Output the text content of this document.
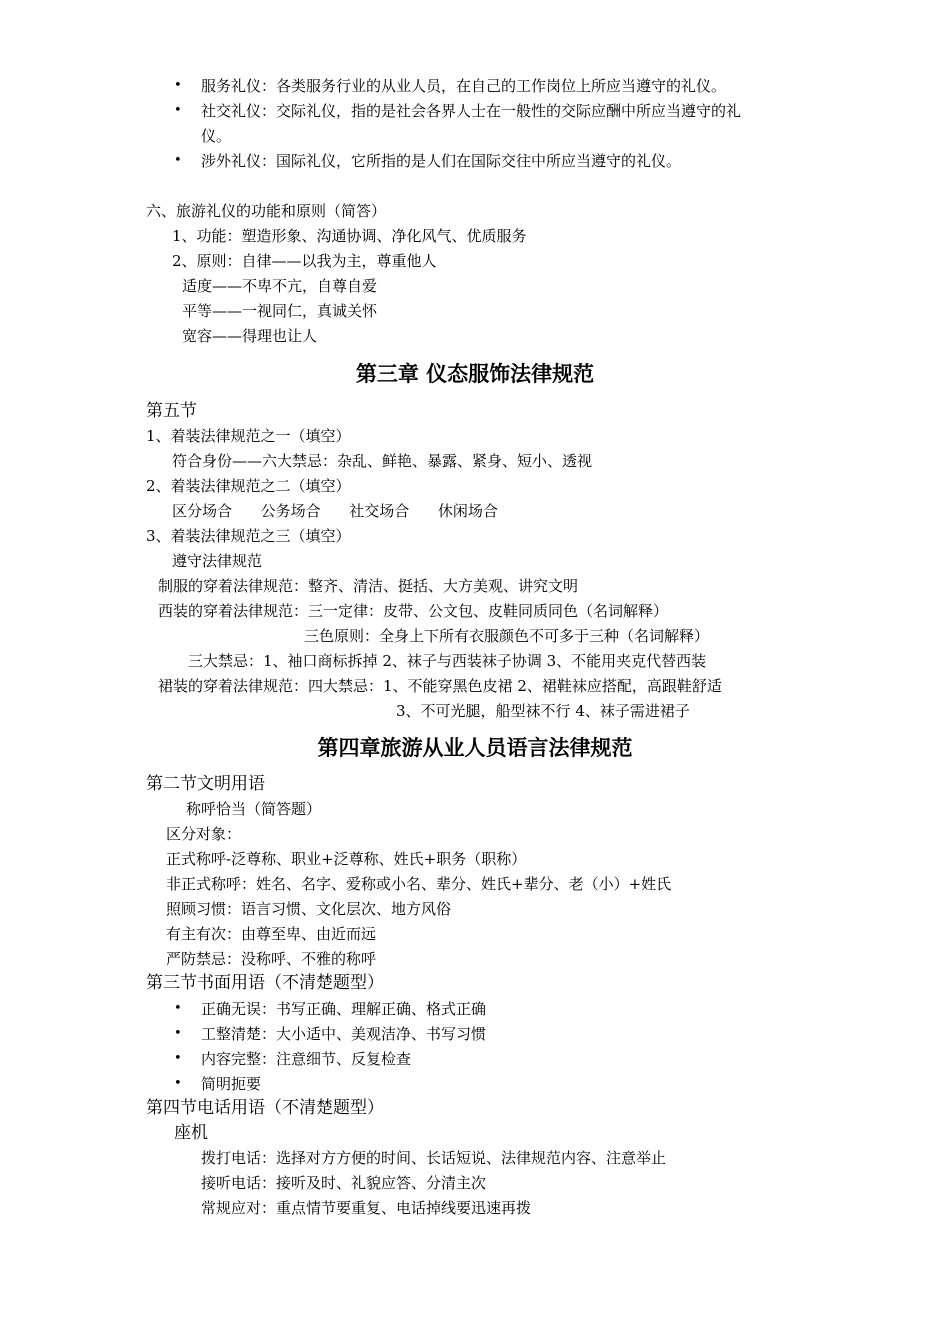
• 服务礼仪：各类服务行业的从业人员，在自己的工作岗位上所应当遵守的礼仪。
• 社交礼仪：交际礼仪，指的是社会各界人士在一般性的交际应酬中所应当遵守的礼
仪。
• 涉外礼仪：国际礼仪，它所指的是人们在国际交往中所应当遵守的礼仪。
六、旅游礼仪的功能和原则（简答）
1、功能：塑造形象、沟通协调、净化风气、优质服务
2、原则：自律——以我为主，尊重他人
适度——不卑不亢，自尊自爱
平等——一视同仁，真诚关怀
宽容——得理也让人
第三章 仪态服饰法律规范
第五节
1、着装法律规范之一（填空）
符合身份——六大禁忌：杂乱、鲜艳、暴露、紧身、短小、透视
2、着装法律规范之二（填空）
区分场合      公务场合      社交场合      休闲场合
3、着装法律规范之三（填空）
遵守法律规范
制服的穿着法律规范：整齐、清洁、挺括、大方美观、讲究文明
西装的穿着法律规范：三一定律：皮带、公文包、皮鞋同质同色（名词解释）
三色原则：全身上下所有衣服颜色不可多于三种（名词解释）
三大禁忌：1、袖口商标拆掉 2、袜子与西装袜子协调 3、不能用夹克代替西装
裙装的穿着法律规范：四大禁忌：1、不能穿黑色皮裙 2、裙鞋袜应搭配，高跟鞋舒适
3、不可光腿，船型袜不行 4、袜子需进裙子
第四章旅游从业人员语言法律规范
第二节文明用语
称呼恰当（简答题）
区分对象：
正式称呼-泛尊称、职业+泛尊称、姓氏+职务（职称）
非正式称呼：姓名、名字、爱称或小名、辈分、姓氏+辈分、老（小）+姓氏
照顾习惯：语言习惯、文化层次、地方风俗
有主有次：由尊至卑、由近而远
严防禁忌：没称呼、不雅的称呼
第三节书面用语（不清楚题型）
• 正确无误：书写正确、理解正确、格式正确
• 工整清楚：大小适中、美观洁净、书写习惯
• 内容完整：注意细节、反复检查
• 简明扼要
第四节电话用语（不清楚题型）
座机
拨打电话：选择对方方便的时间、长话短说、法律规范内容、注意举止
接听电话：接听及时、礼貌应答、分清主次
常规应对：重点情节要重复、电话掉线要迅速再拨
